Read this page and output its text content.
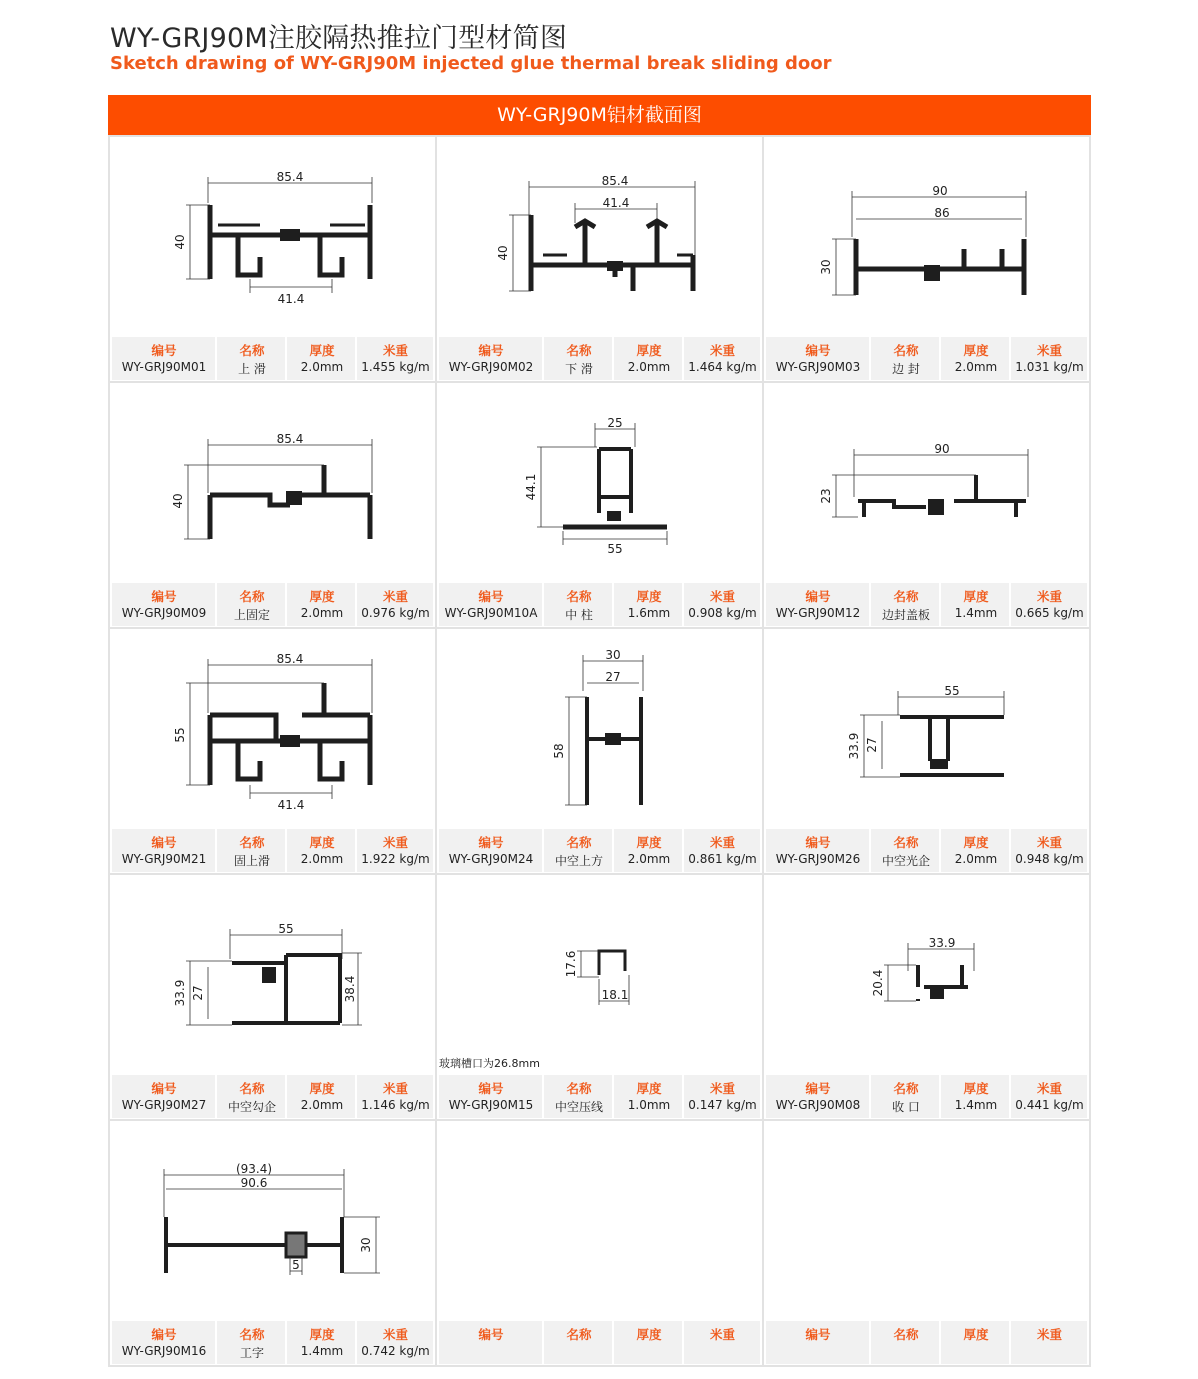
WY-GRJ90M注胶隔热推拉门型材简图
Sketch drawing of WY-GRJ90M injected glue thermal break sliding door
WY-GRJ90M铝材截面图
85.4
40
41.4
编号	名称	厚度	米重
WY-GRJ90M01	上 滑	2.0mm	1.455 kg/m
85.4
41.4
40
编号	名称	厚度	米重
WY-GRJ90M02	下 滑	2.0mm	1.464 kg/m
90
86
30
编号	名称	厚度	米重
WY-GRJ90M03	边 封	2.0mm	1.031 kg/m
85.4
40
编号	名称	厚度	米重
WY-GRJ90M09	上固定	2.0mm	0.976 kg/m
25
44.1
55
编号	名称	厚度	米重
WY-GRJ90M10A	中 柱	1.6mm	0.908 kg/m
90
23
编号	名称	厚度	米重
WY-GRJ90M12	边封盖板	1.4mm	0.665 kg/m
85.4
55
41.4
编号	名称	厚度	米重
WY-GRJ90M21	固上滑	2.0mm	1.922 kg/m
30
27
58
编号	名称	厚度	米重
WY-GRJ90M24	中空上方	2.0mm	0.861 kg/m
55
33.9 27
编号	名称	厚度	米重
WY-GRJ90M26	中空光企	2.0mm	0.948 kg/m
55
33.9 27	38.4
编号	名称	厚度	米重
WY-GRJ90M27	中空勾企	2.0mm	1.146 kg/m
17.6
18.1
玻璃槽口为26.8mm
编号	名称	厚度	米重
WY-GRJ90M15	中空压线	1.0mm	0.147 kg/m
33.9
20.4
编号	名称	厚度	米重
WY-GRJ90M08	收 口	1.4mm	0.441 kg/m
(93.4)
90.6
30
5
编号	名称	厚度	米重
WY-GRJ90M16	工字	1.4mm	0.742 kg/m
编号	名称	厚度	米重	编号	名称	厚度	米重
